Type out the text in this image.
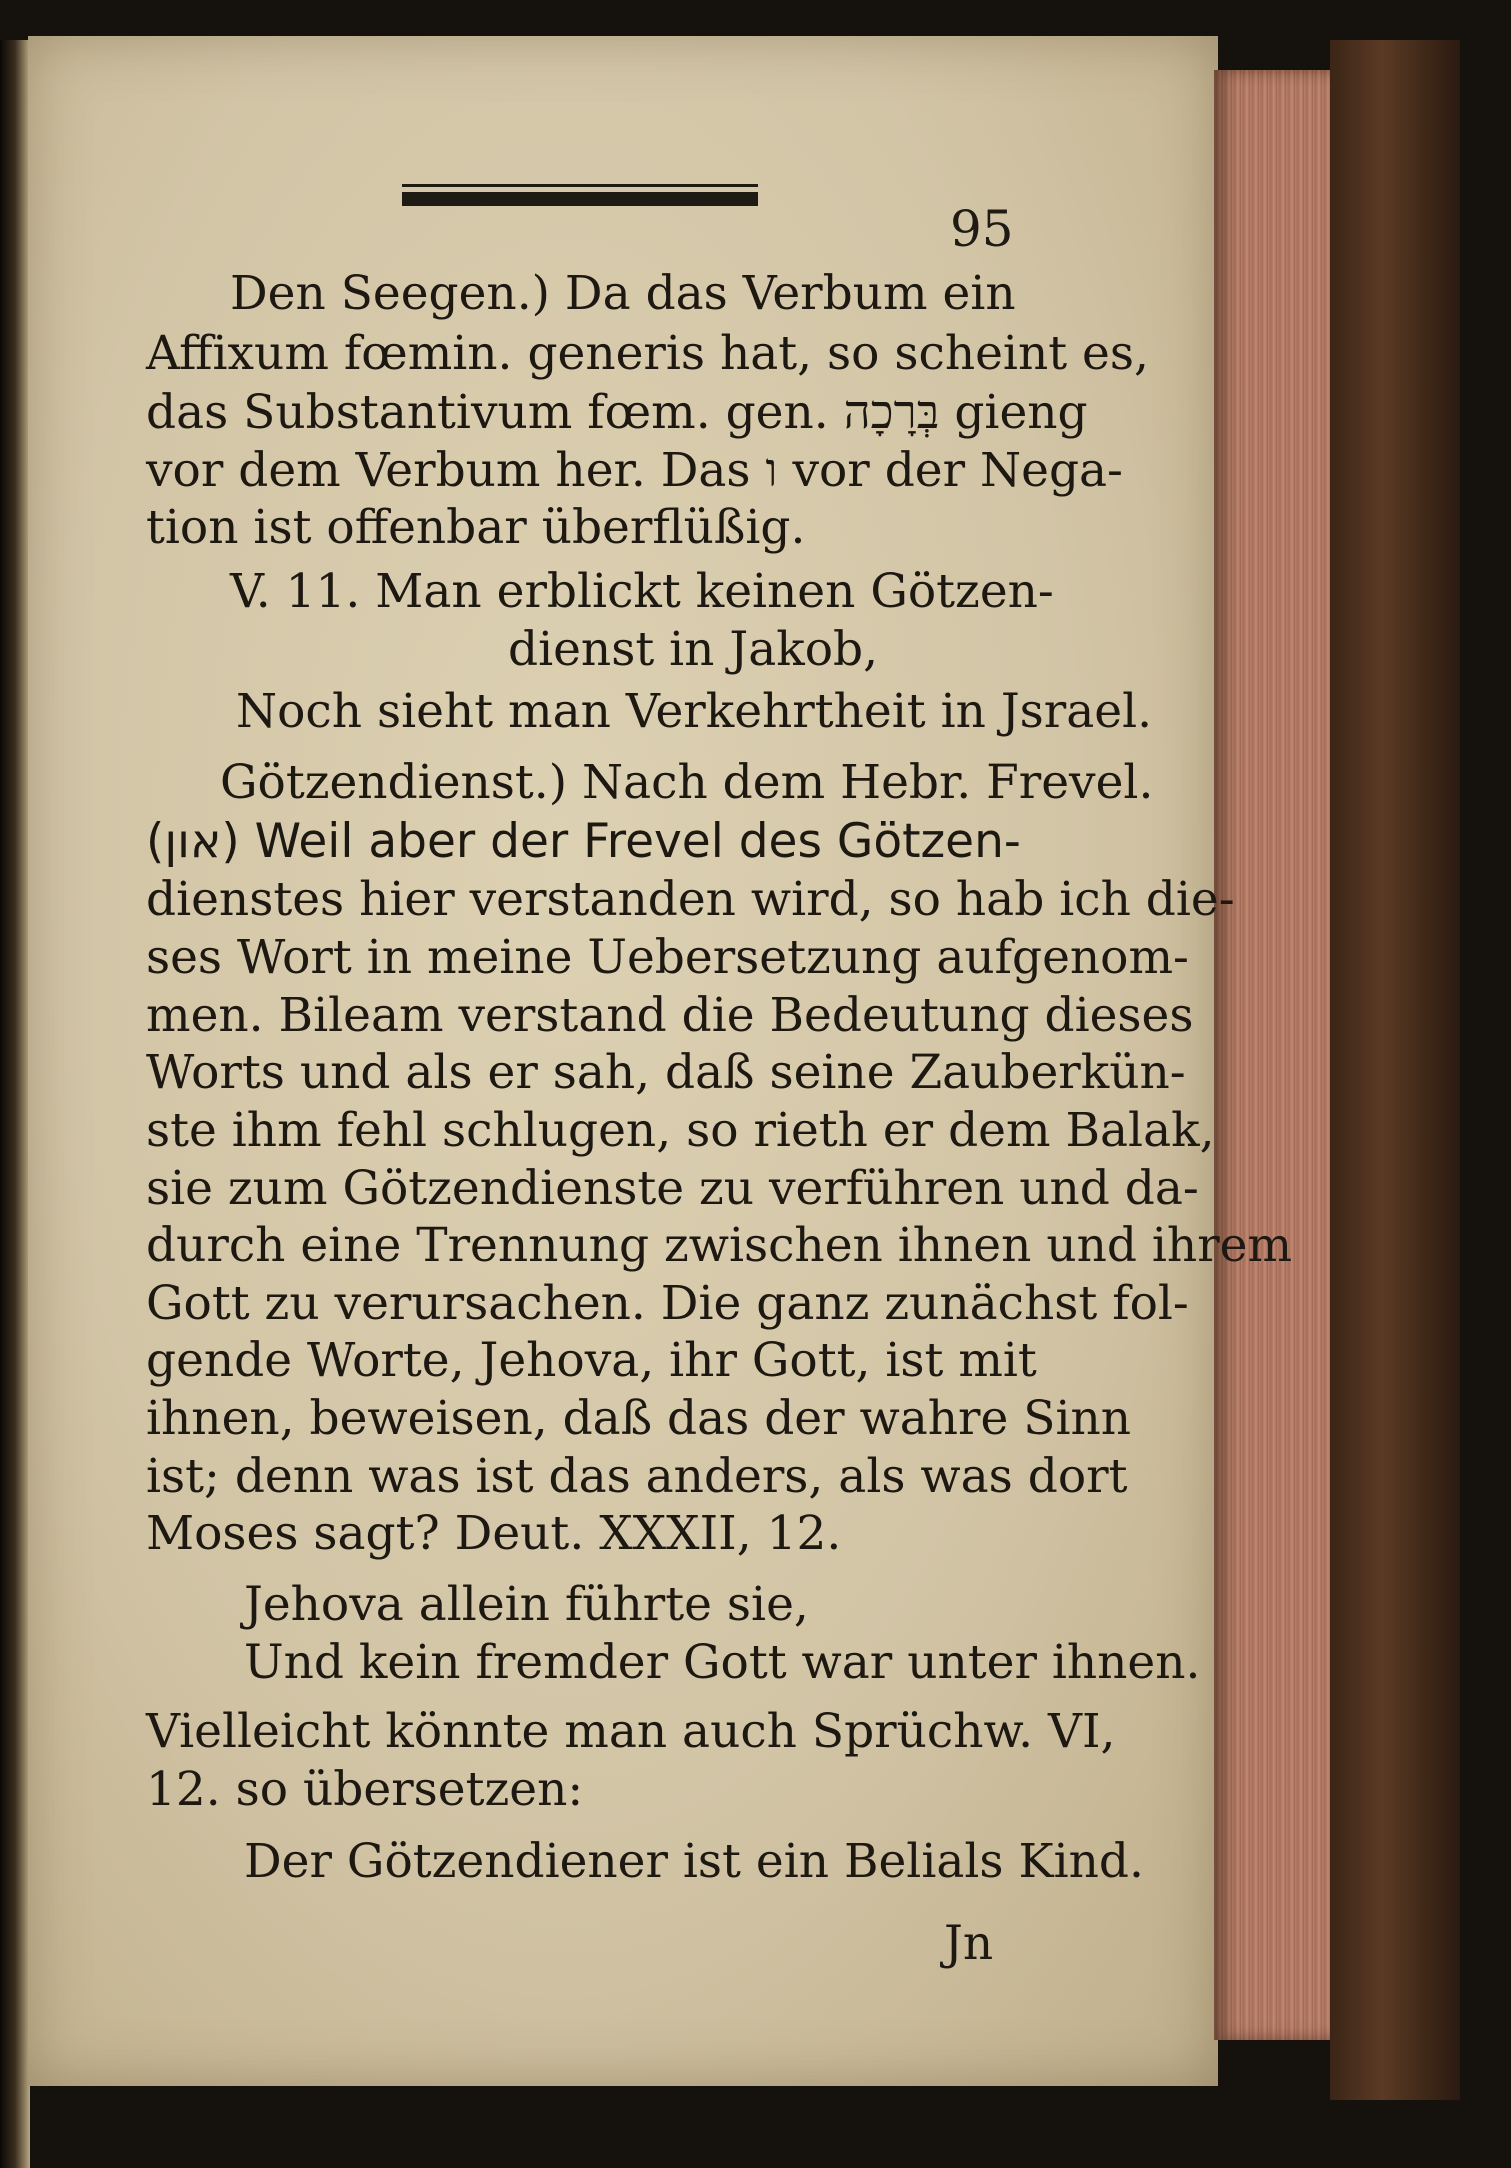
95
Den Seegen.) Da das Verbum ein
Affixum fœmin. generis hat, so scheint es,
das Substantivum fœm. gen. בְּרָכָה gieng
vor dem Verbum her. Das ו vor der Nega-
tion ist offenbar überflüßig.
V. 11. Man erblickt keinen Götzen-
dienst in Jakob,
Noch sieht man Verkehrtheit in Jsrael.
Götzendienst.) Nach dem Hebr. Frevel.
(און) Weil aber der Frevel des Götzen-
dienstes hier verstanden wird, so hab ich die-
ses Wort in meine Uebersetzung aufgenom-
men. Bileam verstand die Bedeutung dieses
Worts und als er sah, daß seine Zauberkün-
ste ihm fehl schlugen, so rieth er dem Balak,
sie zum Götzendienste zu verführen und da-
durch eine Trennung zwischen ihnen und ihrem
Gott zu verursachen. Die ganz zunächst fol-
gende Worte, Jehova, ihr Gott, ist mit
ihnen, beweisen, daß das der wahre Sinn
ist; denn was ist das anders, als was dort
Moses sagt? Deut. XXXII, 12.
Jehova allein führte sie,
Und kein fremder Gott war unter ihnen.
Vielleicht könnte man auch Sprüchw. VI,
12. so übersetzen:
Der Götzendiener ist ein Belials Kind.
Jn
